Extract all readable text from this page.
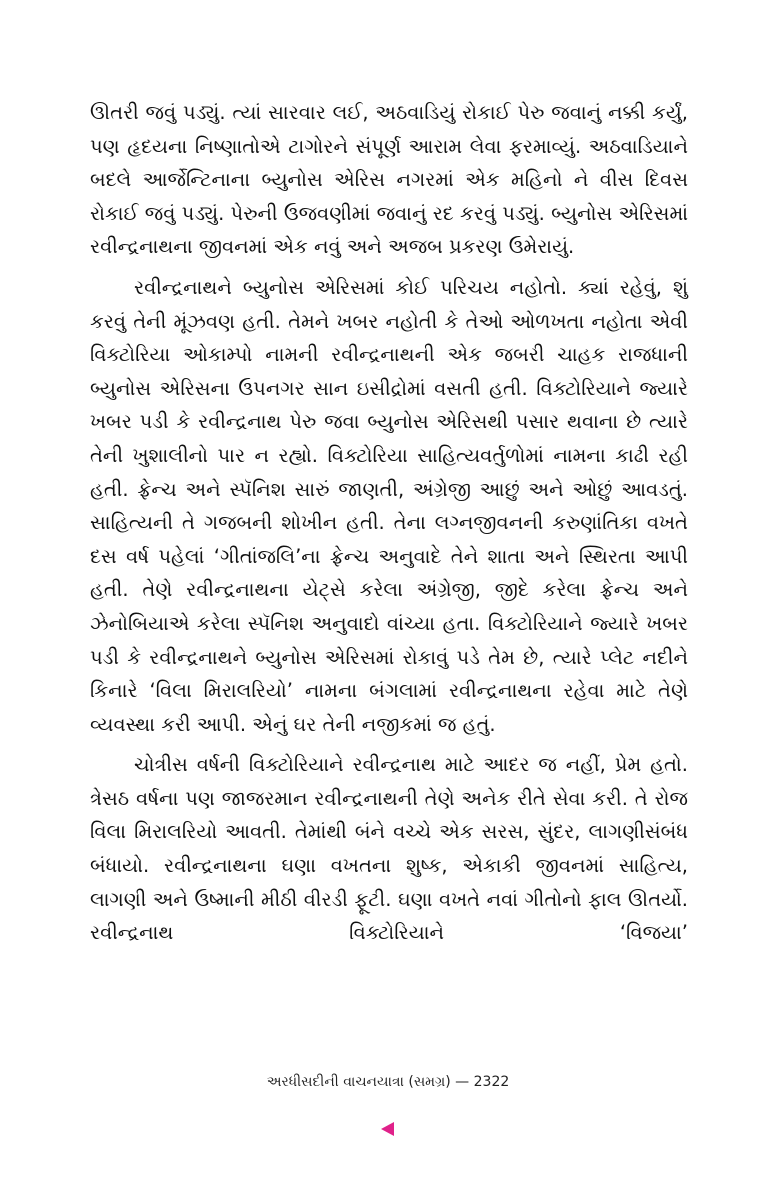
ઊતરી જવું પડ્યું. ત્યાં સારવાર લઈ, અઠવાડિયું રોકાઈ પેરુ જવાનું નક્કી કર્યું, પણ હૃદયના નિષ્ણાતોએ ટાગોરને સંપૂર્ણ આરામ લેવા ફરમાવ્યું. અઠવાડિયાને બદલે આર્જેન્ટિનાના બ્યુનોસ એરિસ નગરમાં એક મહિનો ને વીસ દિવસ રોકાઈ જવું પડ્યું. પેરુની ઉજવણીમાં જવાનું રદ કરવું પડ્યું. બ્યુનોસ એરિસમાં રવીન્દ્રનાથના જીવનમાં એક નવું અને અજબ પ્રકરણ ઉમેરાયું.

રવીન્દ્રનાથને બ્યુનોસ એરિસમાં કોઈ પરિચય નહોતો. ક્યાં રહેવું, શું કરવું તેની મૂંઝવણ હતી. તેમને ખબર નહોતી કે તેઓ ઓળખતા નહોતા એવી વિક્ટોરિયા ઓકામ્પો નામની રવીન્દ્રનાથની એક જબરી ચાહક રાજધાની બ્યુનોસ એરિસના ઉપનગર સાન ઇસીદ્રોમાં વસતી હતી. વિક્ટોરિયાને જ્યારે ખબર પડી કે રવીન્દ્રનાથ પેરુ જવા બ્યુનોસ એરિસથી પસાર થવાના છે ત્યારે તેની ખુશાલીનો પાર ન રહ્યો. વિક્ટોરિયા સાહિત્યવર્તુળોમાં નામના કાઢી રહી હતી. ફ્રેન્ચ અને સ્પૅનિશ સારું જાણતી, અંગ્રેજી આછું અને ઓછું આવડતું. સાહિત્યની તે ગજબની શોખીન હતી. તેના લગ્નજીવનની કરુણાંતિકા વખતે દસ વર્ષ પહેલાં ‘ગીતાંજલિ’ના ફ્રેન્ચ અનુવાદે તેને શાતા અને સ્થિરતા આપી હતી. તેણે રવીન્દ્રનાથના યેટ્સે કરેલા અંગ્રેજી, જીદે કરેલા ફ્રેન્ચ અને ઝેનોબિયાએ કરેલા સ્પૅનિશ અનુવાદો વાંચ્યા હતા. વિક્ટોરિયાને જ્યારે ખબર પડી કે રવીન્દ્રનાથને બ્યુનોસ એરિસમાં રોકાવું પડે તેમ છે, ત્યારે પ્લેટ નદીને કિનારે ‘વિલા મિરાલરિયો’ નામના બંગલામાં રવીન્દ્રનાથના રહેવા માટે તેણે વ્યવસ્થા કરી આપી. એનું ઘર તેની નજીકમાં જ હતું.

ચોત્રીસ વર્ષની વિક્ટોરિયાને રવીન્દ્રનાથ માટે આદર જ નહીં, પ્રેમ હતો. ત્રેસઠ વર્ષના પણ જાજરમાન રવીન્દ્રનાથની તેણે અનેક રીતે સેવા કરી. તે રોજ વિલા મિરાલરિયો આવતી. તેમાંથી બંને વચ્ચે એક સરસ, સુંદર, લાગણીસંબંધ બંધાયો. રવીન્દ્રનાથના ઘણા વખતના શુષ્ક, એકાકી જીવનમાં સાહિત્ય, લાગણી અને ઉષ્માની મીઠી વીરડી ફૂટી. ઘણા વખતે નવાં ગીતોનો ફાલ ઊતર્યો. રવીન્દ્રનાથ વિક્ટોરિયાને ‘વિજયા’

અરધીસદીની વાચનયાત્રા (સમગ્ર) — 2322
